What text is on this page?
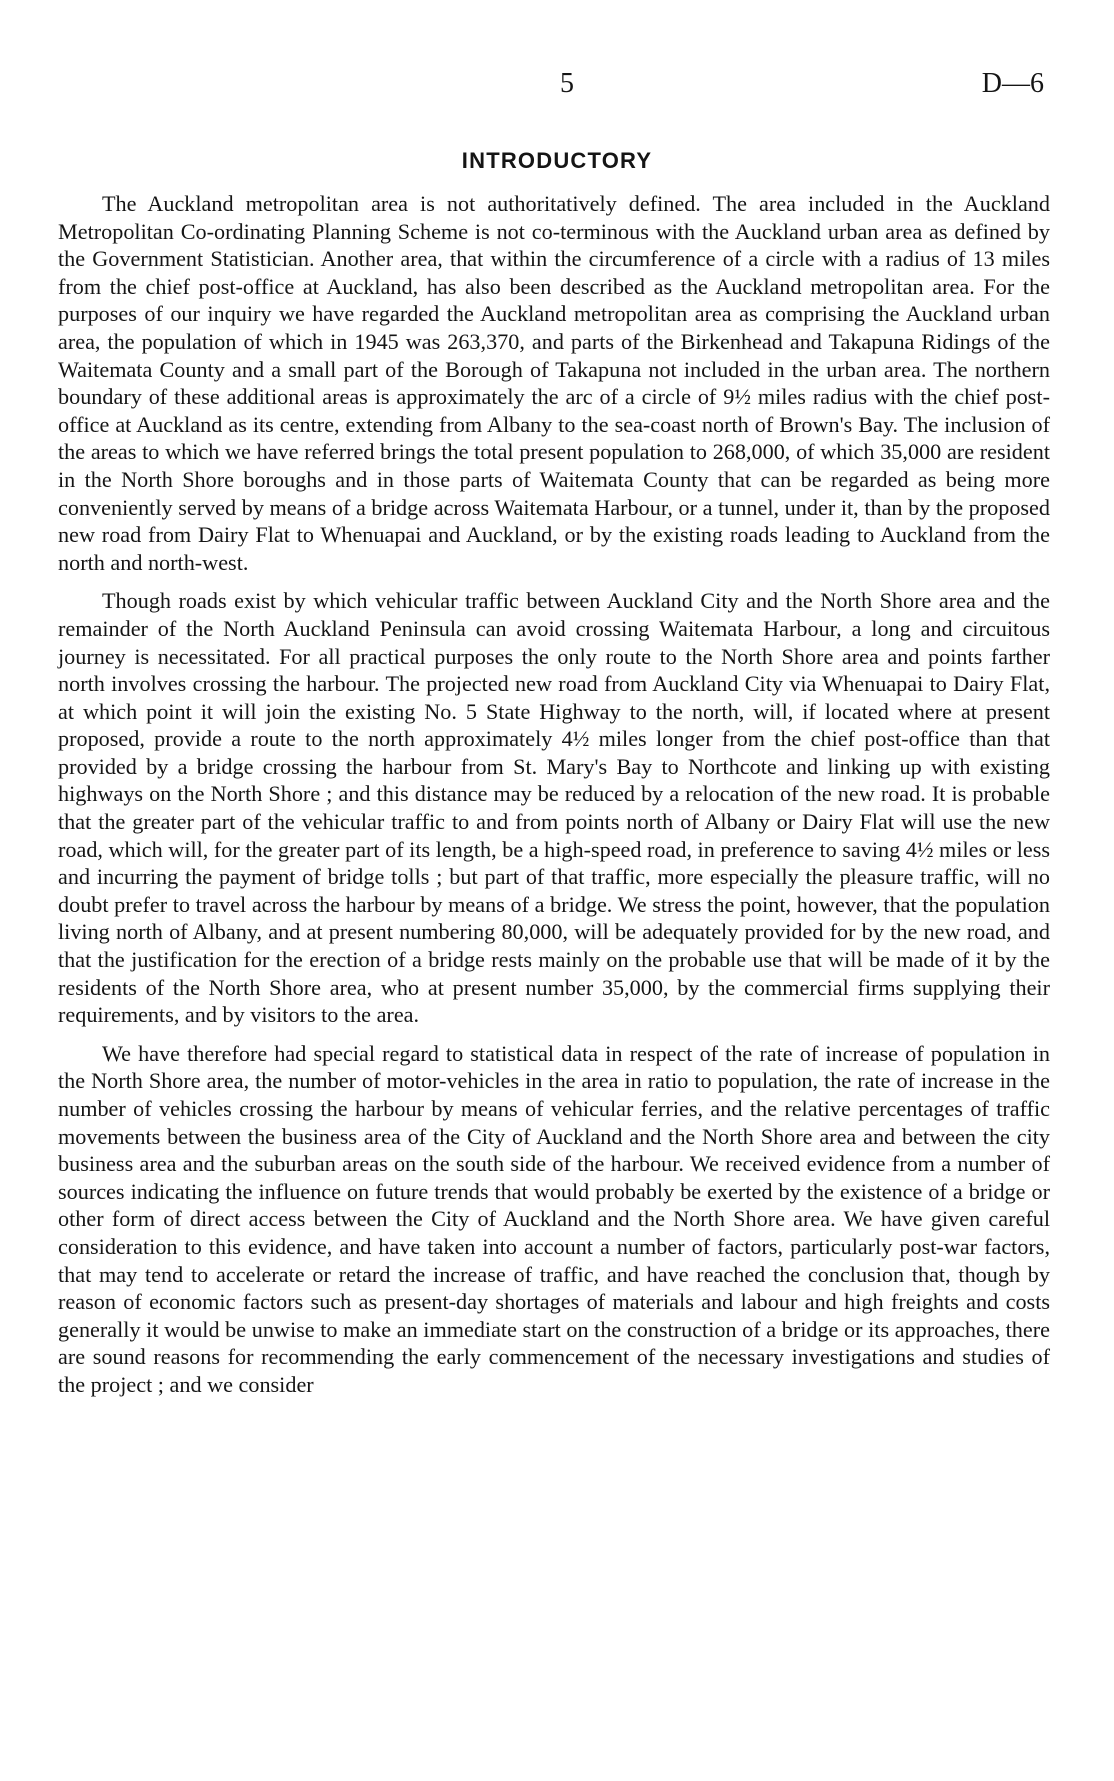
5	D—6
INTRODUCTORY

The Auckland metropolitan area is not authoritatively defined. The area included in the Auckland Metropolitan Co-ordinating Planning Scheme is not co-terminous with the Auckland urban area as defined by the Government Statistician. Another area, that within the circumference of a circle with a radius of 13 miles from the chief post-office at Auckland, has also been described as the Auckland metropolitan area. For the purposes of our inquiry we have regarded the Auckland metropolitan area as comprising the Auckland urban area, the population of which in 1945 was 263,370, and parts of the Birkenhead and Takapuna Ridings of the Waitemata County and a small part of the Borough of Takapuna not included in the urban area. The northern boundary of these additional areas is approximately the arc of a circle of 9½ miles radius with the chief post-office at Auckland as its centre, extending from Albany to the sea-coast north of Brown's Bay. The inclusion of the areas to which we have referred brings the total present population to 268,000, of which 35,000 are resident in the North Shore boroughs and in those parts of Waitemata County that can be regarded as being more conveniently served by means of a bridge across Waitemata Harbour, or a tunnel, under it, than by the proposed new road from Dairy Flat to Whenuapai and Auckland, or by the existing roads leading to Auckland from the north and north-west.

Though roads exist by which vehicular traffic between Auckland City and the North Shore area and the remainder of the North Auckland Peninsula can avoid crossing Waitemata Harbour, a long and circuitous journey is necessitated. For all practical purposes the only route to the North Shore area and points farther north involves crossing the harbour. The projected new road from Auckland City via Whenuapai to Dairy Flat, at which point it will join the existing No. 5 State Highway to the north, will, if located where at present proposed, provide a route to the north approximately 4½ miles longer from the chief post-office than that provided by a bridge crossing the harbour from St. Mary's Bay to Northcote and linking up with existing highways on the North Shore ; and this distance may be reduced by a relocation of the new road. It is probable that the greater part of the vehicular traffic to and from points north of Albany or Dairy Flat will use the new road, which will, for the greater part of its length, be a high-speed road, in preference to saving 4½ miles or less and incurring the payment of bridge tolls ; but part of that traffic, more especially the pleasure traffic, will no doubt prefer to travel across the harbour by means of a bridge. We stress the point, however, that the population living north of Albany, and at present numbering 80,000, will be adequately provided for by the new road, and that the justification for the erection of a bridge rests mainly on the probable use that will be made of it by the residents of the North Shore area, who at present number 35,000, by the commercial firms supplying their requirements, and by visitors to the area.

We have therefore had special regard to statistical data in respect of the rate of increase of population in the North Shore area, the number of motor-vehicles in the area in ratio to population, the rate of increase in the number of vehicles crossing the harbour by means of vehicular ferries, and the relative percentages of traffic movements between the business area of the City of Auckland and the North Shore area and between the city business area and the suburban areas on the south side of the harbour. We received evidence from a number of sources indicating the influence on future trends that would probably be exerted by the existence of a bridge or other form of direct access between the City of Auckland and the North Shore area. We have given careful consideration to this evidence, and have taken into account a number of factors, particularly post-war factors, that may tend to accelerate or retard the increase of traffic, and have reached the conclusion that, though by reason of economic factors such as present-day shortages of materials and labour and high freights and costs generally it would be unwise to make an immediate start on the construction of a bridge or its approaches, there are sound reasons for recommending the early commencement of the necessary investigations and studies of the project ; and we consider
